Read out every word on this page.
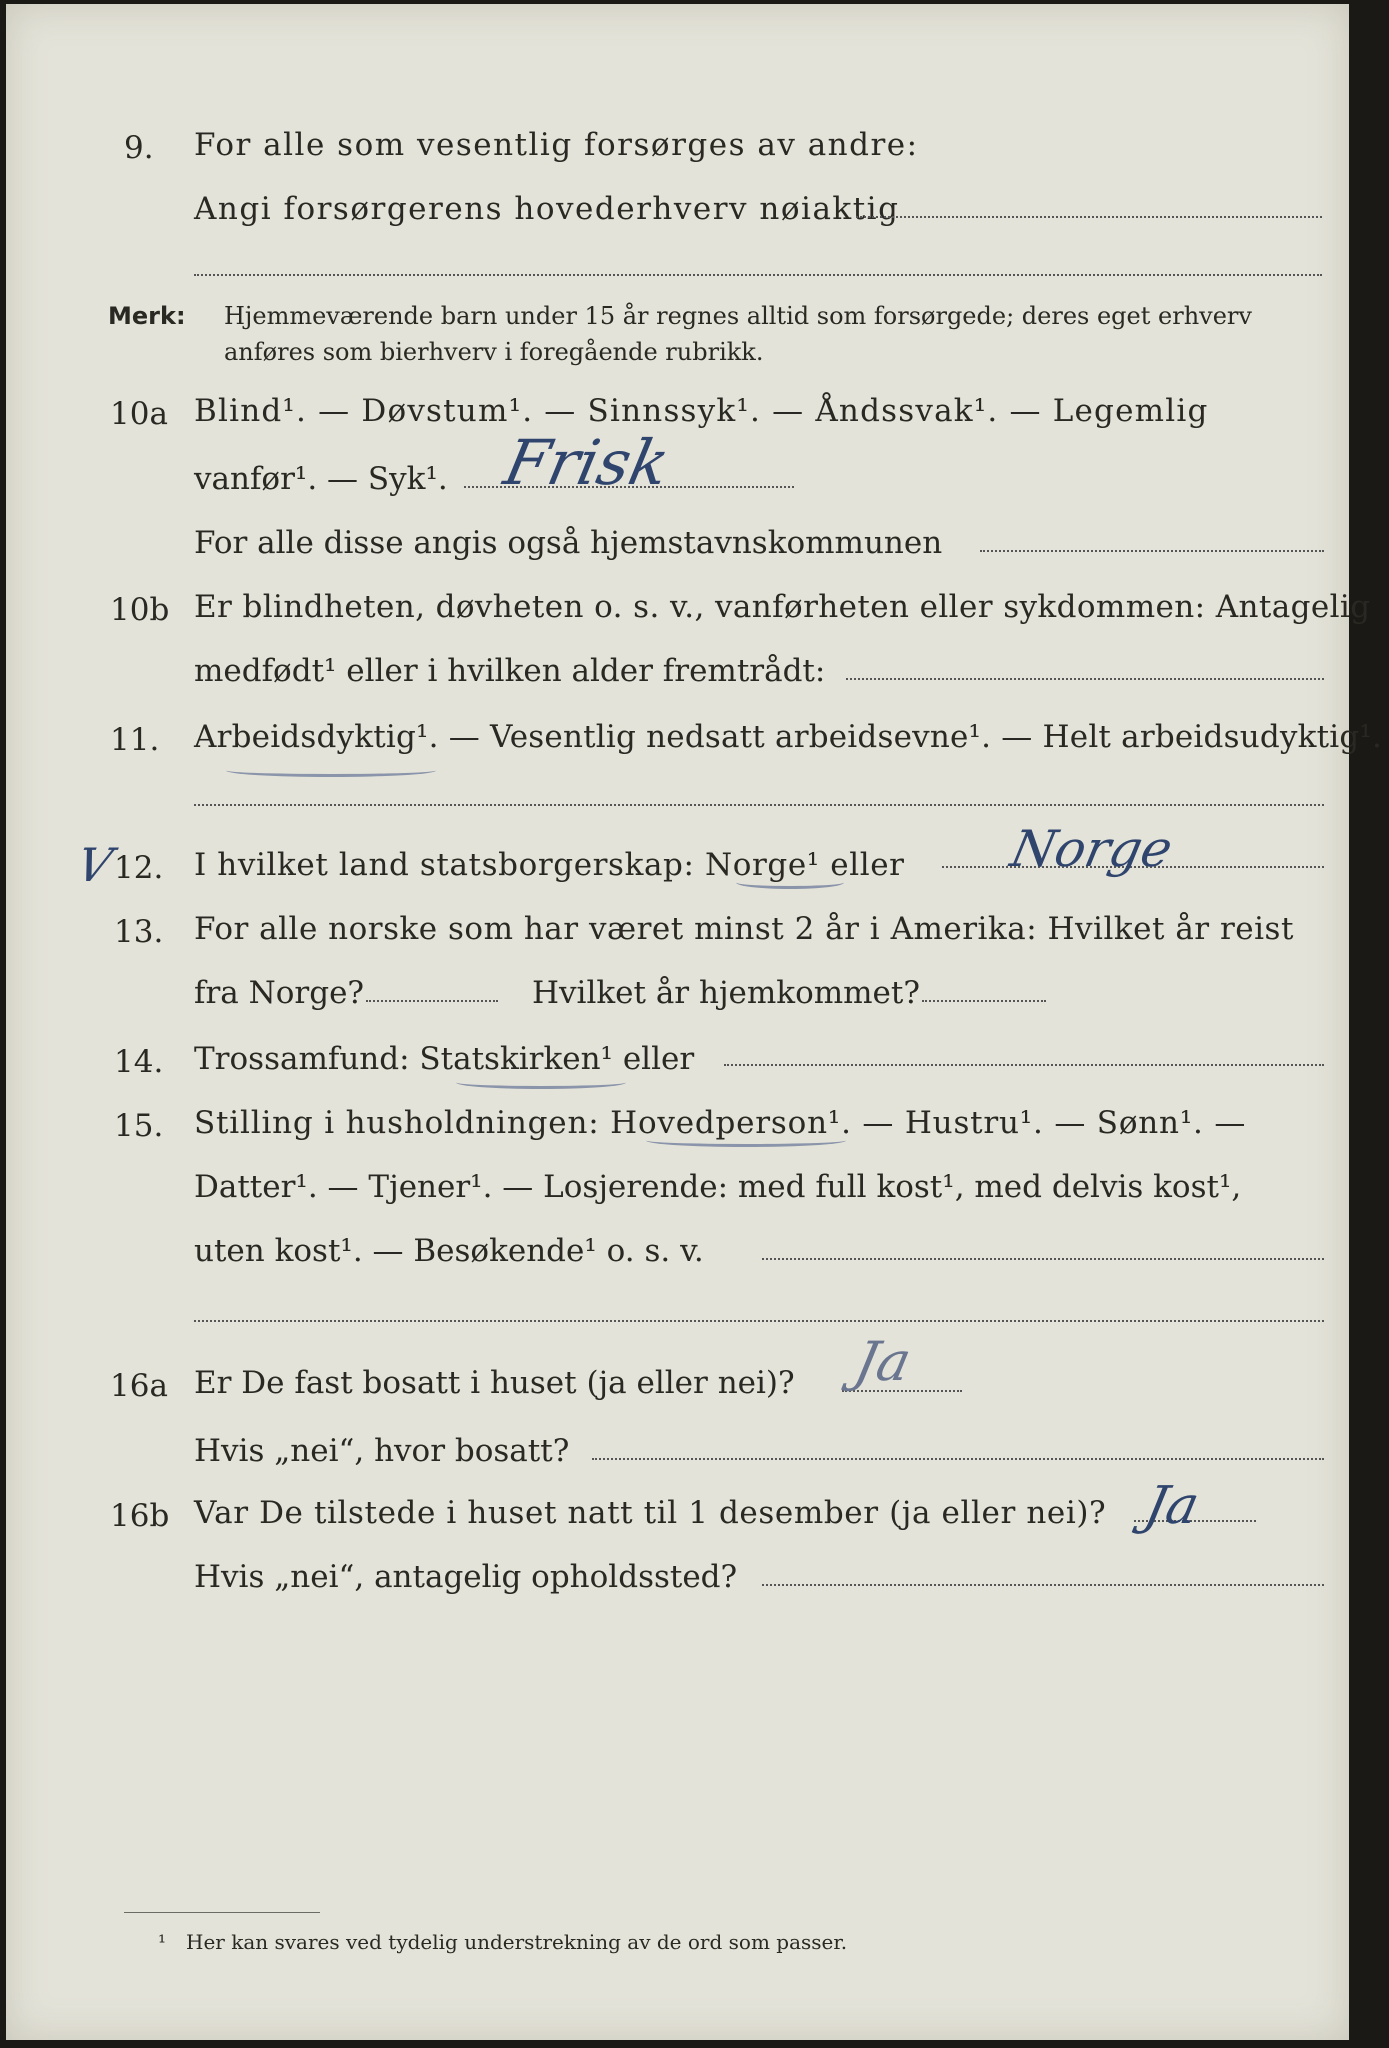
9. For alle som vesentlig forsørges av andre:
Angi forsørgerens hovederhverv nøiaktig
Merk: Hjemmeværende barn under 15 år regnes alltid som forsørgede; deres eget erhverv
anføres som bierhverv i foregående rubrikk.
10a Blind¹. — Døvstum¹. — Sinnssyk¹. — Åndssvak¹. — Legemlig
vanfør¹. — Syk¹. Frisk
For alle disse angis også hjemstavnskommunen
10b Er blindheten, døvheten o. s. v., vanførheten eller sykdommen: Antagelig
medfødt¹ eller i hvilken alder fremtrådt:
11. Arbeidsdyktig¹. — Vesentlig nedsatt arbeidsevne¹. — Helt arbeidsudyktig¹.
V
12. I hvilket land statsborgerskap: Norge¹ eller Norge
13. For alle norske som har været minst 2 år i Amerika: Hvilket år reist
fra Norge?	Hvilket år hjemkommet?
14. Trossamfund: Statskirken¹ eller
15. Stilling i husholdningen: Hovedperson¹. — Hustru¹. — Sønn¹. —
Datter¹. — Tjener¹. — Losjerende: med full kost¹, med delvis kost¹,
uten kost¹. — Besøkende¹ o. s. v.
16a Er De fast bosatt i huset (ja eller nei)? Ja
Hvis „nei“, hvor bosatt?
16b Var De tilstede i huset natt til 1 desember (ja eller nei)? Ja
Hvis „nei“, antagelig opholdssted?
¹ Her kan svares ved tydelig understrekning av de ord som passer.
